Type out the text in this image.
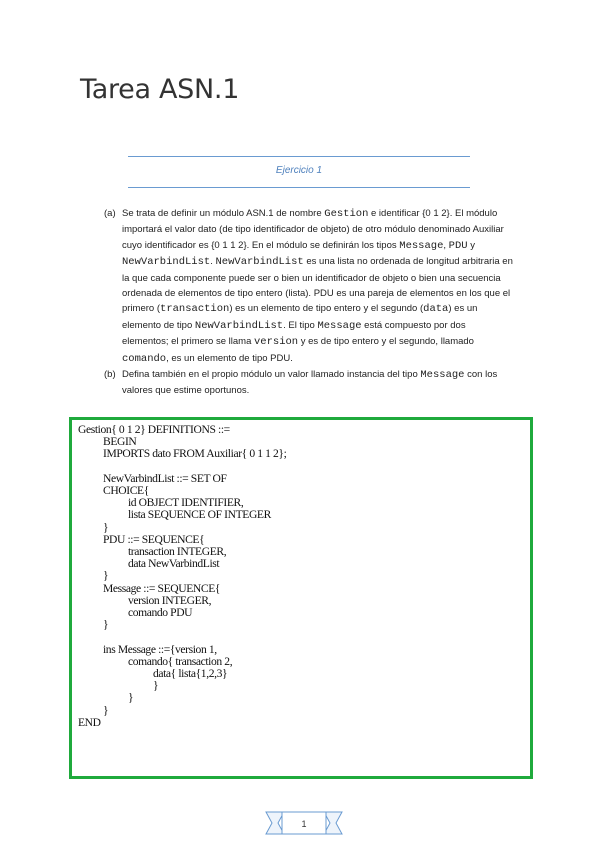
Tarea ASN.1
Ejercicio 1
(a) Se trata de definir un módulo ASN.1 de nombre Gestion e identificar {0 1 2}. El módulo importará el valor dato (de tipo identificador de objeto) de otro módulo denominado Auxiliar cuyo identificador es {0 1 1 2}. En el módulo se definirán los tipos Message, PDU y NewVarbindList. NewVarbindList es una lista no ordenada de longitud arbitraria en la que cada componente puede ser o bien un identificador de objeto o bien una secuencia ordenada de elementos de tipo entero (lista). PDU es una pareja de elementos en los que el primero (transaction) es un elemento de tipo entero y el segundo (data) es un elemento de tipo NewVarbindList. El tipo Message está compuesto por dos elementos; el primero se llama version y es de tipo entero y el segundo, llamado comando, es un elemento de tipo PDU.
(b) Defina también en el propio módulo un valor llamado instancia del tipo Message con los valores que estime oportunos.
Gestion{ 0 1 2} DEFINITIONS ::=
BEGIN
IMPORTS dato FROM Auxiliar{ 0 1 1 2};

NewVarbindList ::= SET OF
CHOICE{
id OBJECT IDENTIFIER,
lista SEQUENCE OF INTEGER
}
PDU ::= SEQUENCE{
transaction INTEGER,
data NewVarbindList
}
Message ::= SEQUENCE{
version INTEGER,
comando PDU
}

ins Message ::={version 1,
comando{ transaction 2,
data{ lista{1,2,3}
}
}
}
END
1
